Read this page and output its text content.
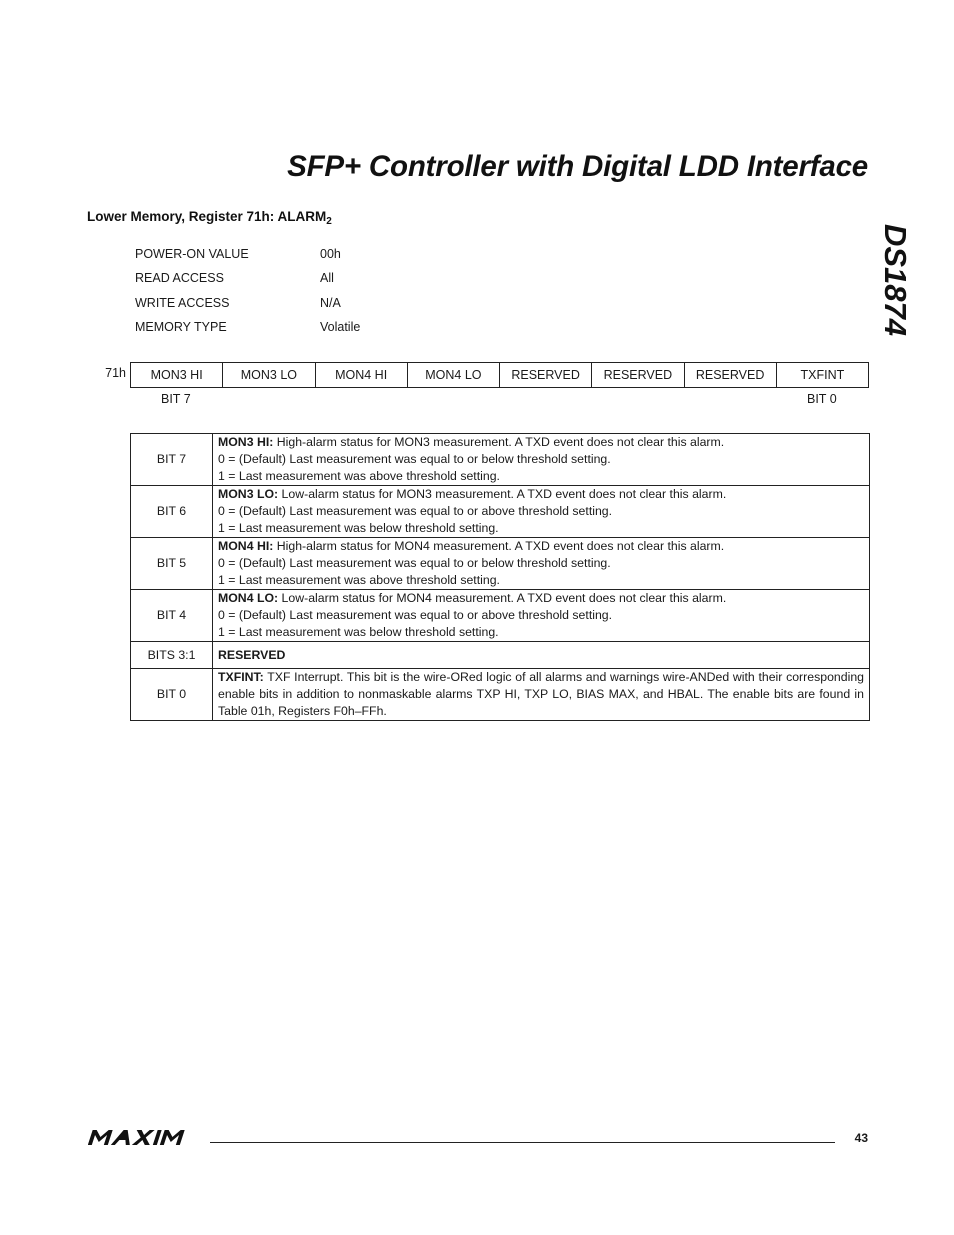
SFP+ Controller with Digital LDD Interface
DS1874
Lower Memory, Register 71h: $ALARM_2$
POWER-ON VALUE	00h
READ ACCESS	All
WRITE ACCESS	N/A
MEMORY TYPE	Volatile
71h MON3 HI	MON3 LO	MON4 HI	MON4 LO	RESERVED	RESERVED	RESERVED	TXFINT
BIT 7	BIT 0
BIT 7	MON3 HI: High-alarm status for MON3 measurement. A TXD event does not clear this alarm.
0 = (Default) Last measurement was equal to or below threshold setting.
1 = Last measurement was above threshold setting.

BIT 6	MON3 LO: Low-alarm status for MON3 measurement. A TXD event does not clear this alarm.
0 = (Default) Last measurement was equal to or above threshold setting.
1 = Last measurement was below threshold setting.

BIT 5	MON4 HI: High-alarm status for MON4 measurement. A TXD event does not clear this alarm.
0 = (Default) Last measurement was equal to or below threshold setting.
1 = Last measurement was above threshold setting.

BIT 4	MON4 LO: Low-alarm status for MON4 measurement. A TXD event does not clear this alarm.
0 = (Default) Last measurement was equal to or above threshold setting.
1 = Last measurement was below threshold setting.

BITS 3:1	RESERVED
BIT 0	TXFINT: TXF Interrupt. This bit is the wire-ORed logic of all alarms and warnings wire-ANDed with their corresponding enable bits in addition to nonmaskable alarms TXP HI, TXP LO, BIAS MAX, and HBAL. The enable bits are found in Table 01h, Registers F0h–FFh.
43
